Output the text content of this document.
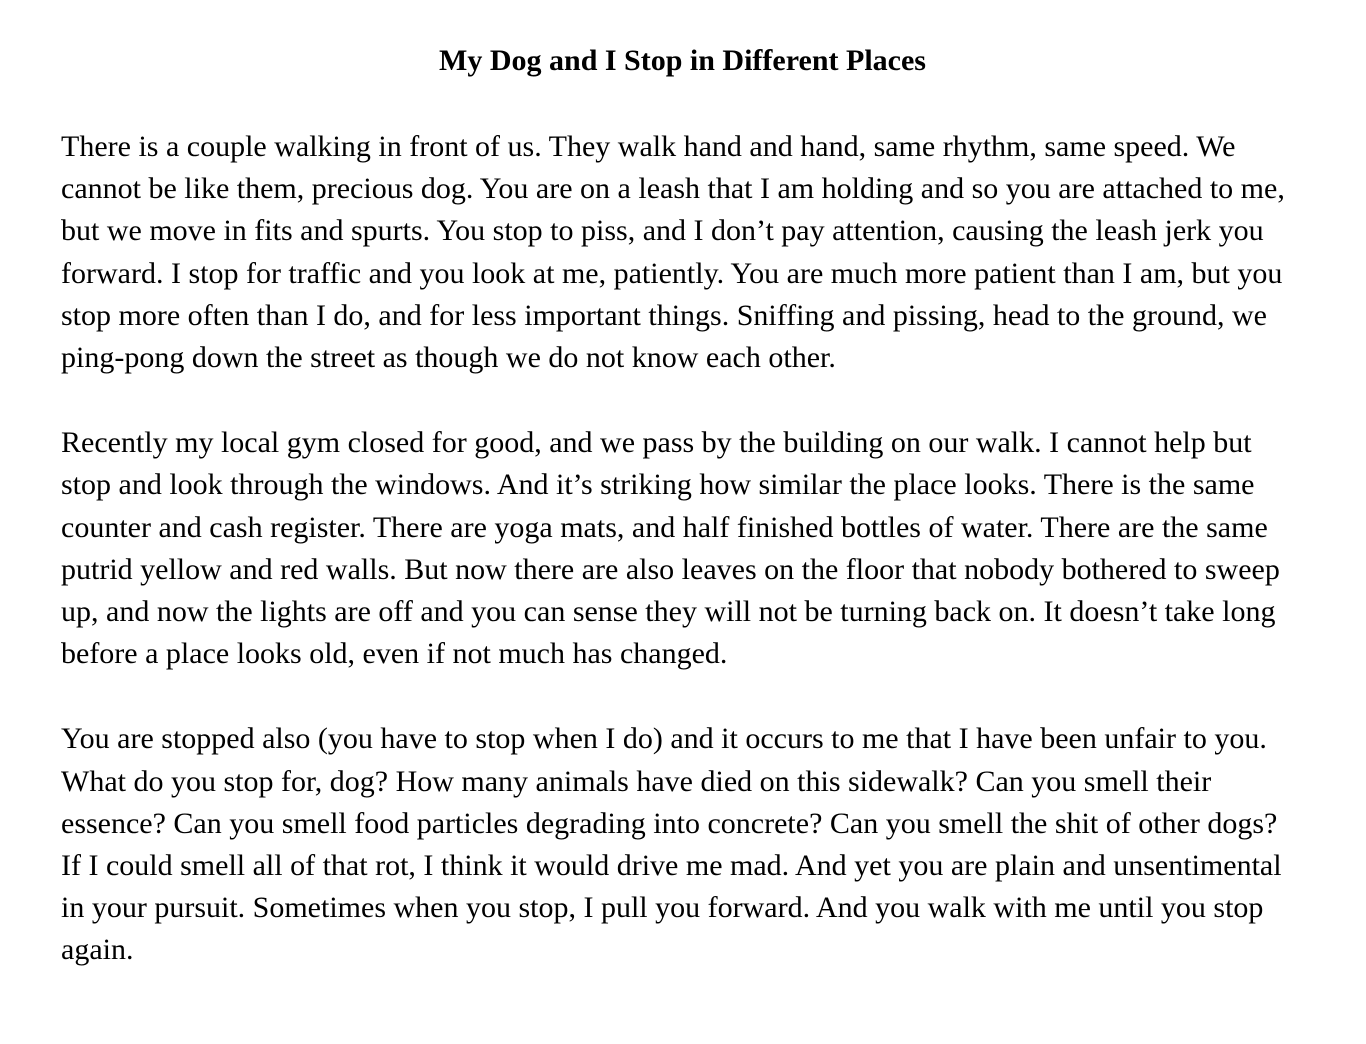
My Dog and I Stop in Different Places

There is a couple walking in front of us. They walk hand and hand, same rhythm, same speed. We cannot be like them, precious dog. You are on a leash that I am holding and so you are attached to me, but we move in fits and spurts. You stop to piss, and I don’t pay attention, causing the leash jerk you forward. I stop for traffic and you look at me, patiently. You are much more patient than I am, but you stop more often than I do, and for less important things. Sniffing and pissing, head to the ground, we ping-pong down the street as though we do not know each other.

Recently my local gym closed for good, and we pass by the building on our walk. I cannot help but stop and look through the windows. And it’s striking how similar the place looks. There is the same counter and cash register. There are yoga mats, and half finished bottles of water. There are the same putrid yellow and red walls. But now there are also leaves on the floor that nobody bothered to sweep up, and now the lights are off and you can sense they will not be turning back on. It doesn’t take long before a place looks old, even if not much has changed.

You are stopped also (you have to stop when I do) and it occurs to me that I have been unfair to you. What do you stop for, dog? How many animals have died on this sidewalk? Can you smell their essence? Can you smell food particles degrading into concrete? Can you smell the shit of other dogs? If I could smell all of that rot, I think it would drive me mad. And yet you are plain and unsentimental in your pursuit. Sometimes when you stop, I pull you forward. And you walk with me until you stop again.
